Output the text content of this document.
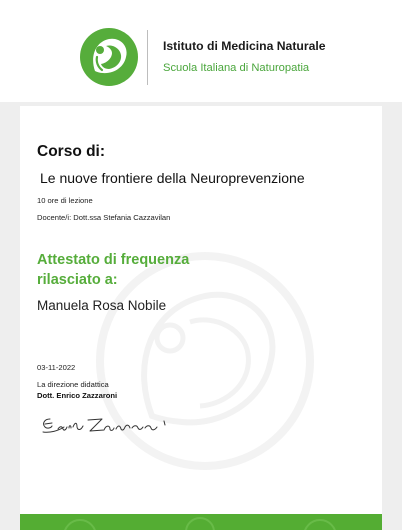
Istituto di Medicina Naturale
Scuola Italiana di Naturopatia
Corso di:
Le nuove frontiere della Neuroprevenzione
10 ore di lezione
Docente/i: Dott.ssa Stefania Cazzavilan
Attestato di frequenza
rilasciato a:
Manuela Rosa Nobile
03-11-2022
La direzione didattica
Dott. Enrico Zazzaroni
